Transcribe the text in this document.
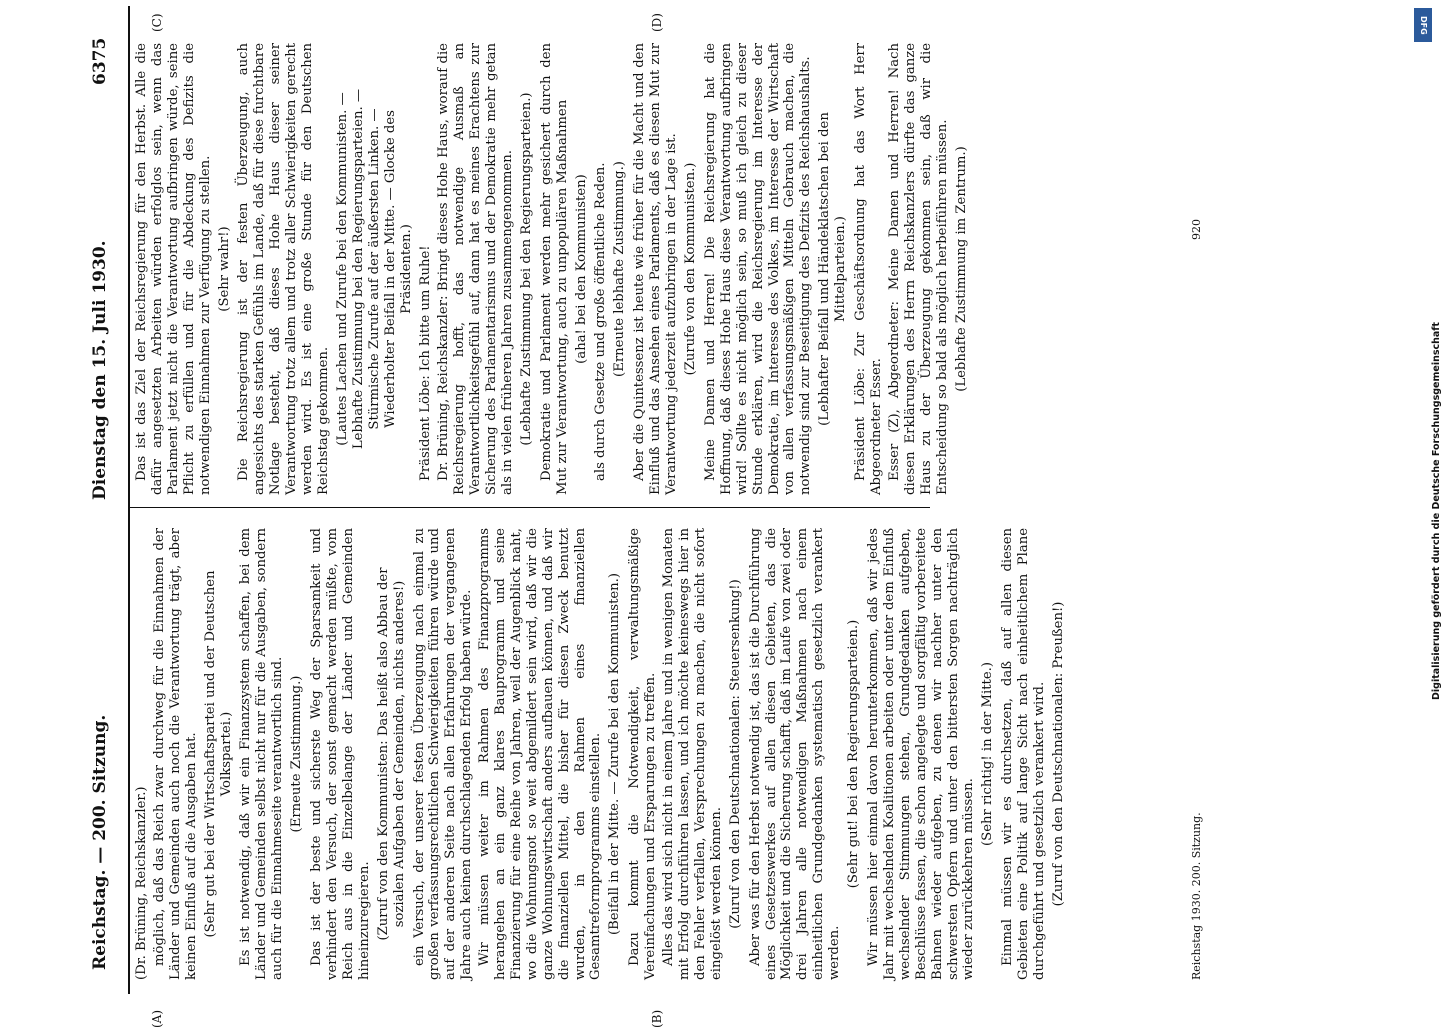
Reichstag. — 200. Sitzung.
Dienstag den 15. Juli 1930.
6375
(A)	(B)
(C)	(D)

(Dr. Brüning, Reichskanzler.) möglich, daß das Reich zwar durchweg für die Einnahmen der Länder und Gemeinden auch noch die Verantwortung trägt, aber keinen Einfluß auf die Ausgaben hat. (Sehr gut bei der Wirtschaftspartei und der Deutschen Volkspartei.) Es ist notwendig, daß wir ein Finanzsystem schaffen, bei dem Länder und Gemeinden selbst nicht nur für die Ausgaben, sondern auch für die Einnahmeseite verantwortlich sind. (Erneute Zustimmung.) Das ist der beste und sicherste Weg der Sparsamkeit und verhindert den Versuch, der sonst gemacht werden müßte, vom Reich aus in die Einzelbelange der Länder und Gemeinden hineinzuregieren. (Zuruf von den Kommunisten: Das heißt also Abbau der sozialen Aufgaben der Gemeinden, nichts anderes!) ein Versuch, der unserer festen Überzeugung nach einmal zu großen verfassungsrechtlichen Schwierigkeiten führen würde und auf der anderen Seite nach allen Erfahrungen der vergangenen Jahre auch keinen durchschlagenden Erfolg haben würde. Wir müssen weiter im Rahmen des Finanzprogramms herangehen an ein ganz klares Bauprogramm und seine Finanzierung für eine Reihe von Jahren, weil der Augenblick naht, wo die Wohnungsnot so weit abgemildert sein wird, daß wir die ganze Wohnungswirtschaft anders aufbauen können, und daß wir die finanziellen Mittel, die bisher für diesen Zweck benutzt wurden, in den Rahmen eines finanziellen Gesamtreformprogramms einstellen. (Beifall in der Mitte. — Zurufe bei den Kommunisten.) Dazu kommt die Notwendigkeit, verwaltungsmäßige Vereinfachungen und Ersparungen zu treffen. Alles das wird sich nicht in einem Jahre und in wenigen Monaten mit Erfolg durchführen lassen, und ich möchte keineswegs hier in den Fehler verfallen, Versprechungen zu machen, die nicht sofort eingelöst werden können. (Zuruf von den Deutschnationalen: Steuersenkung!) Aber was für den Herbst notwendig ist, das ist die Durchführung eines Gesetzeswerkes auf allen diesen Gebieten, das die Möglichkeit und die Sicherung schafft, daß im Laufe von zwei oder drei Jahren alle notwendigen Maßnahmen nach einem einheitlichen Grundgedanken systematisch gesetzlich verankert werden.

(Sehr gut! bei den Regierungsparteien.) Wir müssen hier einmal davon herunterkommen, daß wir jedes Jahr mit wechselnden Koalitionen arbeiten oder unter dem Einfluß wechselnder Stimmungen stehen, Grundgedanken aufgeben, Beschlüsse fassen, die schon angelegte und sorgfältig vorbereitete Bahnen wieder aufgeben, zu denen wir nachher unter den schwersten Opfern und unter den bittersten Sorgen nachträglich wieder zurückkehren müssen.

(Sehr richtig! in der Mitte.) Einmal müssen wir es durchsetzen, daß auf allen diesen Gebieten eine Politik auf lange Sicht nach einheitlichem Plane durchgeführt und gesetzlich verankert wird. (Zuruf von den Deutschnationalen: Preußen!)

Das ist das Ziel der Reichsregierung für den Herbst. Alle die dafür angesetzten Arbeiten würden erfolglos sein, wenn das Parlament jetzt nicht die Verantwortung aufbringen würde, seine Pflicht zu erfüllen und für die Abdeckung des Defizits die notwendigen Einnahmen zur Verfügung zu stellen. (Sehr wahr!) Die Reichsregierung ist der festen Überzeugung, auch angesichts des starken Gefühls im Lande, daß für diese furchtbare Notlage besteht, daß dieses Hohe Haus dieser seiner Verantwortung trotz allem und trotz aller Schwierigkeiten gerecht werden wird. Es ist eine große Stunde für den Deutschen Reichstag gekommen. (Lautes Lachen und Zurufe bei den Kommunisten. — Lebhafte Zustimmung bei den Regierungsparteien. — Stürmische Zurufe auf der äußersten Linken. — Wiederholter Beifall in der Mitte. — Glocke des Präsidenten.) Präsident Löbe: Ich bitte um Ruhe! Dr. Brüning, Reichskanzler: Bringt dieses Hohe Haus, worauf die Reichsregierung hofft, das notwendige Ausmaß an Verantwortlichkeitsgefühl auf, dann hat es meines Erachtens zur Sicherung des Parlamentarismus und der Demokratie mehr getan als in vielen früheren Jahren zusammengenommen. (Lebhafte Zustimmung bei den Regierungsparteien.) Demokratie und Parlament werden mehr gesichert durch den Mut zur Verantwortung, auch zu unpopulären Maßnahmen (aha! bei den Kommunisten) als durch Gesetze und große öffentliche Reden. (Erneute lebhafte Zustimmung.) Aber die Quintessenz ist heute wie früher für die Macht und den Einfluß und das Ansehen eines Parlaments, daß es diesen Mut zur Verantwortung jederzeit aufzubringen in der Lage ist. (Zurufe von den Kommunisten.) Meine Damen und Herren! Die Reichsregierung hat die Hoffnung, daß dieses Hohe Haus diese Verantwortung aufbringen wird! Sollte es nicht möglich sein, so muß ich gleich zu dieser Stunde erklären, wird die Reichsregierung im Interesse der Demokratie, im Interesse des Volkes, im Interesse der Wirtschaft von allen verfassungsmäßigen Mitteln Gebrauch machen, die notwendig sind zur Beseitigung des Defizits des Reichshaushalts. (Lebhafter Beifall und Händeklatschen bei den Mittelparteien.) Präsident Löbe: Zur Geschäftsordnung hat das Wort Herr Abgeordneter Esser. Esser (Z), Abgeordneter: Meine Damen und Herren! Nach diesen Erklärungen des Herrn Reichskanzlers dürfte das ganze Haus zu der Überzeugung gekommen sein, daß wir die Entscheidung so bald als möglich herbeiführen müssen. (Lebhafte Zustimmung im Zentrum.)

Reichstag 1930. 200. Sitzung.
920
DFG
Digitalisierung gefördert durch die Deutsche Forschungsgemeinschaft
